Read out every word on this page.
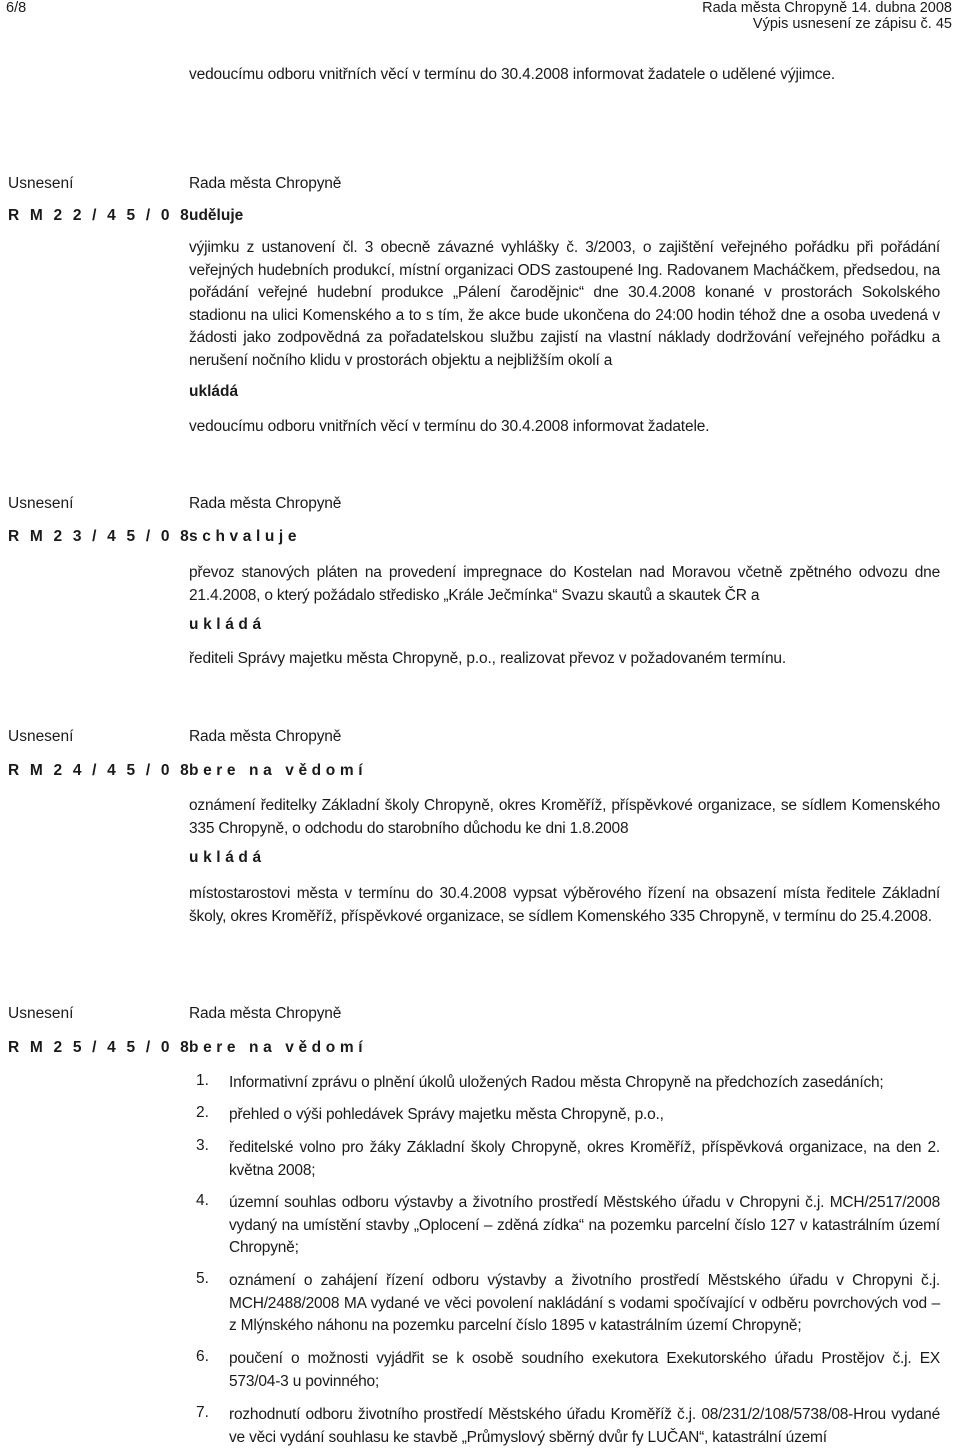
6/8	Rada města Chropyně 14. dubna 2008
Výpis usnesení ze zápisu č. 45
vedoucímu odboru vnitřních věcí v termínu do 30.4.2008 informovat žadatele o udělené výjimce.
Usnesení	Rada města Chropyně
R M 2 2 / 4 5 / 0 8
uděluje
výjimku z ustanovení čl. 3 obecně závazné vyhlášky č. 3/2003, o zajištění veřejného pořádku při pořádání veřejných hudebních produkcí, místní organizaci ODS zastoupené Ing. Radovanem Macháčkem, předsedou, na pořádání veřejné hudební produkce „Pálení čarodějnic“ dne 30.4.2008 konané v prostorách Sokolského stadionu na ulici Komenského a to s tím, že akce bude ukončena do 24:00 hodin téhož dne a osoba uvedená v žádosti jako zodpovědná za pořadatelskou službu zajistí na vlastní náklady dodržování veřejného pořádku a nerušení nočního klidu v prostorách objektu a nejbližším okolí a
ukládá
vedoucímu odboru vnitřních věcí v termínu do 30.4.2008 informovat žadatele.
Usnesení	Rada města Chropyně
R M 2 3 / 4 5 / 0 8
schvaluje
převoz stanových pláten na provedení impregnace do Kostelan nad Moravou včetně zpětného odvozu dne 21.4.2008, o který požádalo středisko „Krále Ječmínka“ Svazu skautů a skautek ČR a
ukládá
řediteli Správy majetku města Chropyně, p.o., realizovat převoz v požadovaném termínu.
Usnesení	Rada města Chropyně
R M 2 4 / 4 5 / 0 8
bere na vědomí
oznámení ředitelky Základní školy Chropyně, okres Kroměříž, příspěvkové organizace, se sídlem Komenského 335 Chropyně, o odchodu do starobního důchodu ke dni 1.8.2008
ukládá
místostarostovi města v termínu do 30.4.2008 vypsat výběrového řízení na obsazení místa ředitele Základní školy, okres Kroměříž, příspěvkové organizace, se sídlem Komenského 335 Chropyně, v termínu do 25.4.2008.
Usnesení	Rada města Chropyně
R M 2 5 / 4 5 / 0 8
bere na vědomí
1. Informativní zprávu o plnění úkolů uložených Radou města Chropyně na předchozích zasedáních;
2. přehled o výši pohledávek Správy majetku města Chropyně, p.o.,
3. ředitelské volno pro žáky Základní školy Chropyně, okres Kroměříž, příspěvková organizace, na den 2. května 2008;
4. územní souhlas odboru výstavby a životního prostředí Městského úřadu v Chropyni č.j. MCH/2517/2008 vydaný na umístění stavby „Oplocení – zděná zídka“ na pozemku parcelní číslo 127 v katastrálním území Chropyně;
5. oznámení o zahájení řízení odboru výstavby a životního prostředí Městského úřadu v Chropyni č.j. MCH/2488/2008 MA vydané ve věci povolení nakládání s vodami spočívající v odběru povrchových vod – z Mlýnského náhonu na pozemku parcelní číslo 1895 v katastrálním území Chropyně;
6. poučení o možnosti vyjádřit se k osobě soudního exekutora Exekutorského úřadu Prostějov č.j. EX 573/04-3 u povinného;
7. rozhodnutí odboru životního prostředí Městského úřadu Kroměříž č.j. 08/231/2/108/5738/08-Hrou vydané ve věci vydání souhlasu ke stavbě „Průmyslový sběrný dvůr fy LUČAN“, katastrální území
